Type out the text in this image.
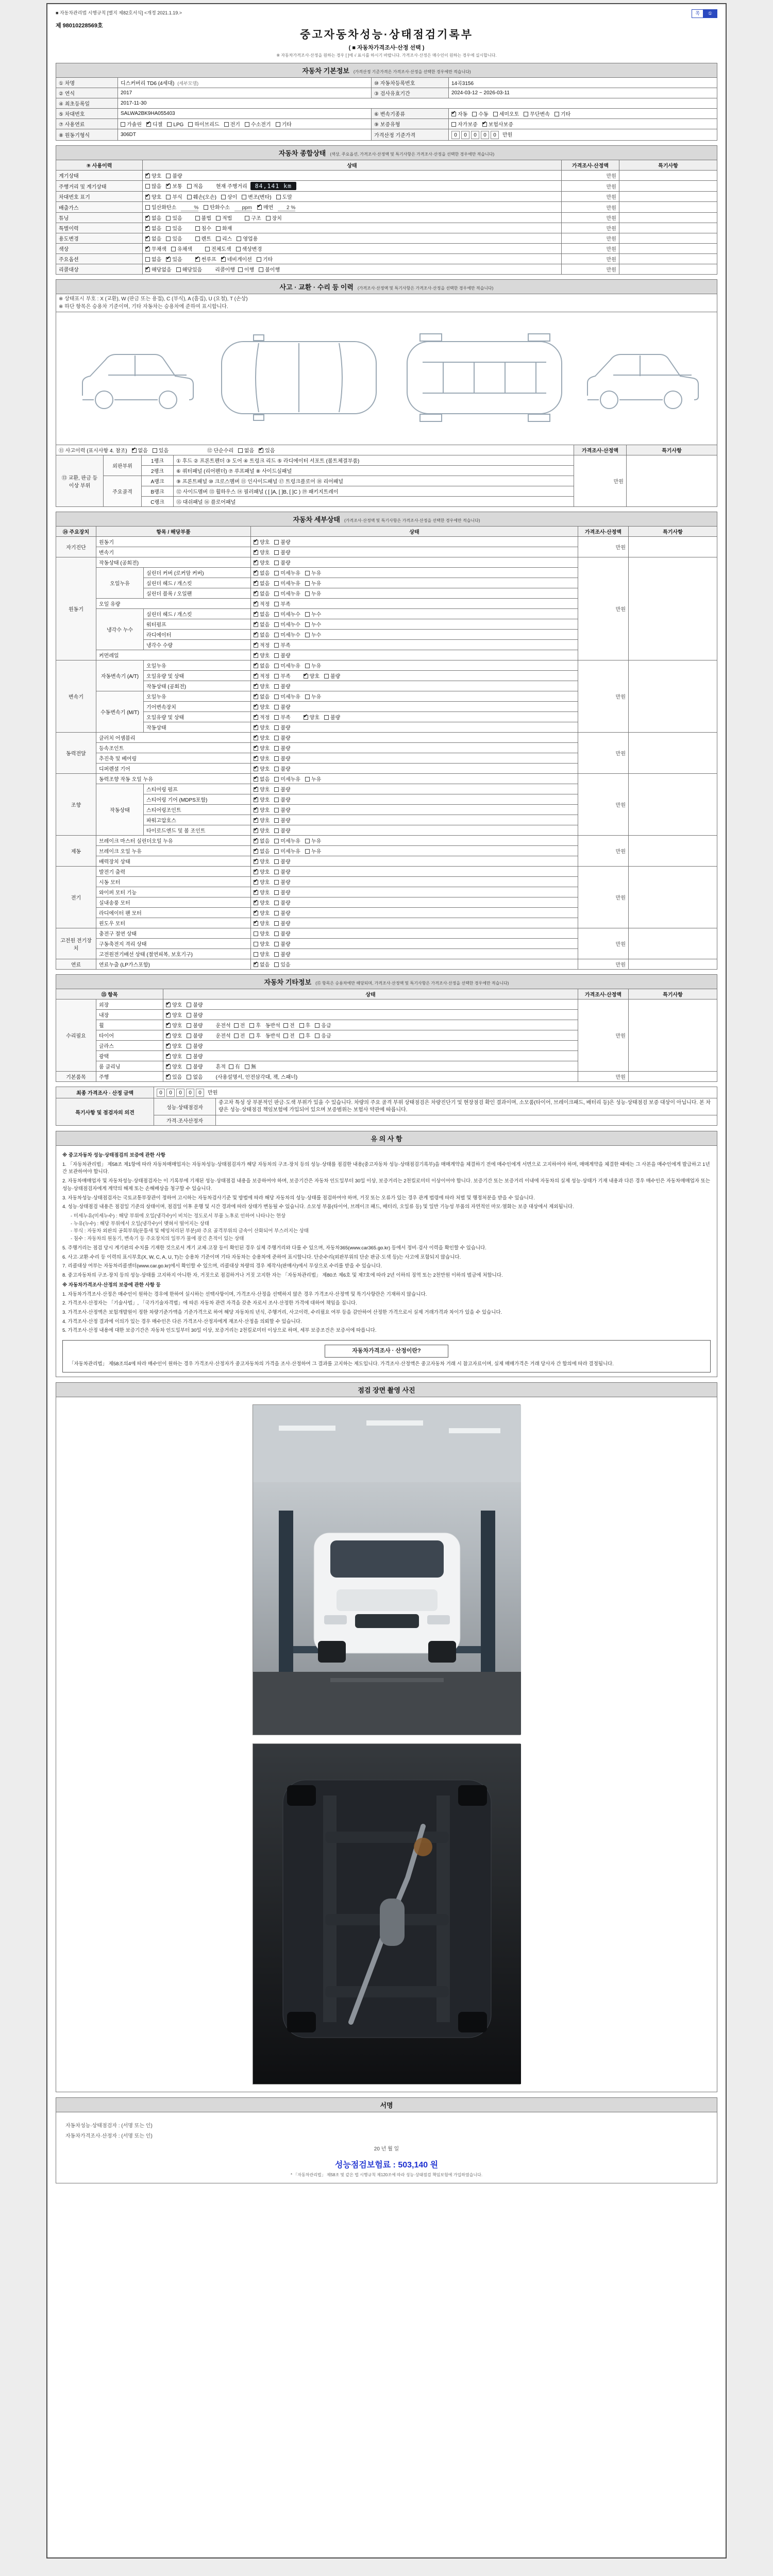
■ 자동차관리법 시행규칙 [별지 제82호서식] <개정 2021.1.19.>	쪽	①
제 98010228569호
중고자동차성능·상태점검기록부
( ■ 자동차가격조사·산정 선택 )
※ 자동차가격조사·산정을 원하는 경우 [ ]에 √ 표시를 하시기 바랍니다. 가격조사·산정은 매수인이 원하는 경우에 실시합니다.
자동차 기본정보 (가격산정 기준가격은 가격조사·산정을 선택한 경우에만 적습니다)			
① 차명	디스커버리 TD6 (4세대) (세부모델)	⑩ 자동차등록번호	14곡3156
② 연식	2017	③ 검사유효기간	2024-03-12 ~ 2026-03-11
④ 최초등록일	2017-11-30		
⑤ 차대번호	SALWA2BK9HA055403	⑥ 변속기종류	✔자동 수동 세미오토 무단변속 기타
⑦ 사용연료	가솔린 ✔ 디젤 LPG 하이브리드 전기 수소전기 기타	⑨ 보증유형	자가보증 ✔ 보험사보증
⑧ 원동기형식	306DT	가격산정 기준가격	0 0 0 0 0 만원
자동차 종합상태 (색상, 주요옵션, 가격조사·산정액 및 특기사항은 가격조사·산정을 선택한 경우에만 적습니다)			
⑨ 사용이력	상태	가격조사·산정액	특기사항
계기상태	✔양호 불량	만원	
주행거리 및 계기상태	많음 ✔ 보통 적음 현재 주행거리 84,141 km	만원	
차대번호 표기	✔양호 부식 훼손(오손) 상이 변조(변타) 도말	만원	
배출가스	일산화탄소 % 탄화수소 ppm ✔ 매연 2 %	만원	
튜닝	✔없음 있음 불법 적법 구조 장치	만원	
특별이력	✔없음 있음 침수 화재	만원	
용도변경	✔없음 있음 렌트 리스 영업용	만원	
색상	✔무채색 유채색 전체도색 색상변경	만원	
주요옵션	없음 ✔ 있음 ✔ 썬루프 ✔ 네비게이션 기타	만원	
리콜대상	✔해당없음 해당있음 리콜이행 이행 불이행	만원	
사고 · 교환 · 수리 등 이력 (가격조사·산정액 및 특기사항은 가격조사·산정을 선택한 경우에만 적습니다)					

※ 상태표시 부호 : X (교환), W (판금 또는 용접), C (부식), A (흠집), U (요철), T (손상)
※ 하단 항목은 승용차 기준이며, 기타 자동차는 승용차에 준하여 표시합니다.					

⑪ 사고이력 (표시사항 4. 참조) ✔ 없음 있음 ⑫ 단순수리 없음 ✔ 있음				가격조사·산정액	특기사항
⑬ 교환, 판금 등 이상 부위	외판부위	1랭크	① 후드 ② 프론트펜더 ③ 도어 ④ 트렁크 리드 ⑤ 라디에이터 서포트 (볼트체결부품)	만원	
		2랭크	⑥ 쿼터패널 (리어펜더) ⑦ 루프패널 ⑧ 사이드실패널		
	주요골격	A랭크	⑨ 프론트패널 ⑩ 크로스멤버 ⑪ 인사이드패널 ⑰ 트렁크플로어 ⑱ 리어패널		
		B랭크	⑫ 사이드멤버 ⑬ 휠하우스 ⑭ 필러패널 ( [ ]A, [ ]B, [ ]C ) ⑲ 패키지트레이		
		C랭크	⑮ 대쉬패널 ⑯ 플로어패널		
자동차 세부상태 (가격조사·산정액 및 특기사항은 가격조사·산정을 선택한 경우에만 적습니다)					
⑭ 주요장치	항목 / 해당부품		상태	가격조사·산정액	특기사항
자기진단	원동기	✔양호 불량	만원	
	변속기	✔양호 불량
원동기	작동상태 (공회전)	✔양호 불량	만원	
	오일누유	실린더 커버 (로커암 커버)	✔없음 미세누유 누유
		실린더 헤드 / 개스킷	✔없음 미세누유 누유
		실린더 블록 / 오일팬	✔없음 미세누유 누유
	오일 유량	✔적정 부족
	냉각수 누수	실린더 헤드 / 개스킷	✔없음 미세누수 누수
		워터펌프	✔없음 미세누수 누수
		라디에이터	✔없음 미세누수 누수
		냉각수 수량	✔적정 부족
	커먼레일	✔양호 불량
변속기	자동변속기 (A/T)	오일누유	✔없음 미세누유 누유	만원	
		오일유량 및 상태	✔적정 부족 ✔ 양호 불량
		작동상태 (공회전)	✔양호 불량
	수동변속기 (M/T)	오일누유	✔없음 미세누유 누유
		기어변속장치	✔양호 불량
		오일유량 및 상태	✔적정 부족 ✔ 양호 불량
		작동상태	✔양호 불량
동력전달	클러치 어셈블리	✔양호 불량	만원	
	등속조인트	✔양호 불량
	추진축 및 베어링	✔양호 불량
	디퍼렌셜 기어	✔양호 불량
조향	동력조향 작동 오일 누유	✔없음 미세누유 누유	만원	
	작동상태	스티어링 펌프	✔양호 불량
		스티어링 기어 (MDPS포함)	✔양호 불량
		스티어링조인트	✔양호 불량
		파워고압호스	✔양호 불량
		타이로드엔드 및 볼 조인트	✔양호 불량
제동	브레이크 마스터 실린더오일 누유	✔없음 미세누유 누유	만원	
	브레이크 오일 누유	✔없음 미세누유 누유
	배력장치 상태	✔양호 불량
전기	발전기 출력	✔양호 불량	만원	
	시동 모터	✔양호 불량
	와이퍼 모터 기능	✔양호 불량
	실내송풍 모터	✔양호 불량
	라디에이터 팬 모터	✔양호 불량
	윈도우 모터	✔양호 불량
고전원 전기장치	충전구 절연 상태		양호 불량	만원	
	구동축전지 격리 상태		양호 불량		
	고전원전기배선 상태 (절연피복, 보호기구)		양호 불량		
연료	연료누출 (LP가스포함)	✔없음 있음	만원	
자동차 기타정보 (⑮ 항목은 승용차에만 해당되며, 가격조사·산정액 및 특기사항은 가격조사·산정을 선택한 경우에만 적습니다)				
⑮ 항목		상태	가격조사·산정액	특기사항
수리필요	외장	✔양호 불량	만원	
	내장	✔양호 불량
	휠	✔양호 불량 운전석 전 후 동반석 전 후 응급
	타이어	✔양호 불량 운전석 전 후 동반석 전 후 응급
	글라스	✔양호 불량
	광택	✔양호 불량
	룸 클리닝	✔양호 불량 흔적 有 無
기본품목	주행	✔있음 없음 (사용설명서, 안전삼각대, 잭, 스패너)	만원	
최종 가격조사 · 산정 금액	0 0 0 0 0 만원	
특기사항 및 점검자의 의견	성능·상태점검자	중고차 특성 상 부분적인 판금·도색 부위가 있을 수 있습니다. 차량의 주요 골격 부위 상태점검은 차량진단기 및 현장점검 확인 결과이며, 소모품(타이어, 브레이크패드, 배터리 등)은 성능·상태점검 보증 대상이 아닙니다. 본 차량은 성능·상태점검 책임보험에 가입되어 있으며 보증범위는 보험사 약관에 따릅니다.
	가격·조사산정자	
유 의 사 항
※ 중고자동차 성능·상태점검의 보증에 관한 사항
1. 「자동차관리법」 제58조 제1항에 따라 자동차매매업자는 자동차성능·상태점검자가 해당 자동차의 구조·장치 등의 성능·상태를 점검한 내용(중고자동차 성능·상태점검기록부)을 매매계약을 체결하기 전에 매수인에게 서면으로 고지하여야 하며, 매매계약을 체결한 때에는 그 사본을 매수인에게 발급하고 1년간 보관하여야 합니다.
2. 자동차매매업자 및 자동차성능·상태점검자는 이 기록부에 기재된 성능·상태점검 내용을 보증하여야 하며, 보증기간은 자동차 인도일부터 30일 이상, 보증거리는 2천킬로미터 이상이어야 합니다. 보증기간 또는 보증거리 이내에 자동차의 실제 성능·상태가 기재 내용과 다른 경우 매수인은 자동차매매업자 또는 성능·상태점검자에게 계약의 해제 또는 손해배상을 청구할 수 있습니다.
3. 자동차성능·상태점검자는 국토교통부장관이 정하여 고시하는 자동차검사기준 및 방법에 따라 해당 자동차의 성능·상태를 점검하여야 하며, 거짓 또는 오류가 있는 경우 관계 법령에 따라 처벌 및 행정처분을 받을 수 있습니다.
4. 성능·상태점검 내용은 점검일 기준의 상태이며, 점검일 이후 운행 및 시간 경과에 따라 상태가 변동될 수 있습니다. 소모성 부품(타이어, 브레이크 패드, 배터리, 오일류 등) 및 일반 기능성 부품의 자연적인 마모·열화는 보증 대상에서 제외됩니다.
- 미세누유(미세누수) : 해당 부위에 오일(냉각수)이 비치는 정도로서 부품 노후로 인하여 나타나는 현상
- 누유(누수) : 해당 부위에서 오일(냉각수)이 맺혀서 떨어지는 상태
- 부식 : 자동차 외판의 공회부위(문틈새 및 헤밍처리된 부분)와 주요 골격부위의 금속이 산화되어 부스러지는 상태
- 침수 : 자동차의 원동기, 변속기 등 주요장치의 일부가 물에 잠긴 흔적이 있는 상태
5. 주행거리는 점검 당시 계기판의 수치를 기재한 것으로서 계기 교체·고장 등이 확인된 경우 실제 주행거리와 다를 수 있으며, 자동차365(www.car365.go.kr) 등에서 정비·검사 이력을 확인할 수 있습니다.
6. 사고·교환·수리 등 이력의 표시부호(X, W, C, A, U, T)는 승용차 기준이며 기타 자동차는 승용차에 준하여 표시합니다. 단순수리(외판부위의 단순 판금·도색 등)는 사고에 포함되지 않습니다.
7. 리콜대상 여부는 자동차리콜센터(www.car.go.kr)에서 확인할 수 있으며, 리콜대상 차량의 경우 제작사(판매사)에서 무상으로 수리를 받을 수 있습니다.
8. 중고자동차의 구조·장치 등의 성능·상태를 고지하지 아니한 자, 거짓으로 점검하거나 거짓 고지한 자는 「자동차관리법」 제80조 제6호 및 제7호에 따라 2년 이하의 징역 또는 2천만원 이하의 벌금에 처합니다.
※ 자동차가격조사·산정의 보증에 관한 사항 등
1. 자동차가격조사·산정은 매수인이 원하는 경우에 한하여 실시하는 선택사항이며, 가격조사·산정을 선택하지 않은 경우 가격조사·산정액 및 특기사항란은 기재하지 않습니다.
2. 가격조사·산정자는 「기술사법」, 「국가기술자격법」에 따른 자동차 관련 자격을 갖춘 자로서 조사·산정한 가격에 대하여 책임을 집니다.
3. 가격조사·산정액은 보험개발원이 정한 차량기준가액을 기준가격으로 하여 해당 자동차의 년식, 주행거리, 사고이력, 수리필요 여부 등을 감안하여 산정한 가격으로서 실제 거래가격과 차이가 있을 수 있습니다.
4. 가격조사·산정 결과에 이의가 있는 경우 매수인은 다른 가격조사·산정자에게 재조사·산정을 의뢰할 수 있습니다.
5. 가격조사·산정 내용에 대한 보증기간은 자동차 인도일부터 30일 이상, 보증거리는 2천킬로미터 이상으로 하며, 세부 보증조건은 보증서에 따릅니다.
자동차가격조사 · 산정이란?
「자동차관리법」 제58조의4에 따라 매수인이 원하는 경우 가격조사·산정자가 중고자동차의 가격을 조사·산정하여 그 결과를 고지하는 제도입니다. 가격조사·산정액은 중고자동차 거래 시 참고자료이며, 실제 매매가격은 거래 당사자 간 합의에 따라 결정됩니다.
점검 장면 촬영 사진
서명
자동차성능·상태점검자 : (서명 또는 인)
자동차가격조사·산정자 : (서명 또는 인)
20 년 월 일
성능점검보험료 : 503,140 원
* 「자동차관리법」 제58조 및 같은 법 시행규칙 제120조에 따라 성능·상태점검 책임보험에 가입하였습니다.
